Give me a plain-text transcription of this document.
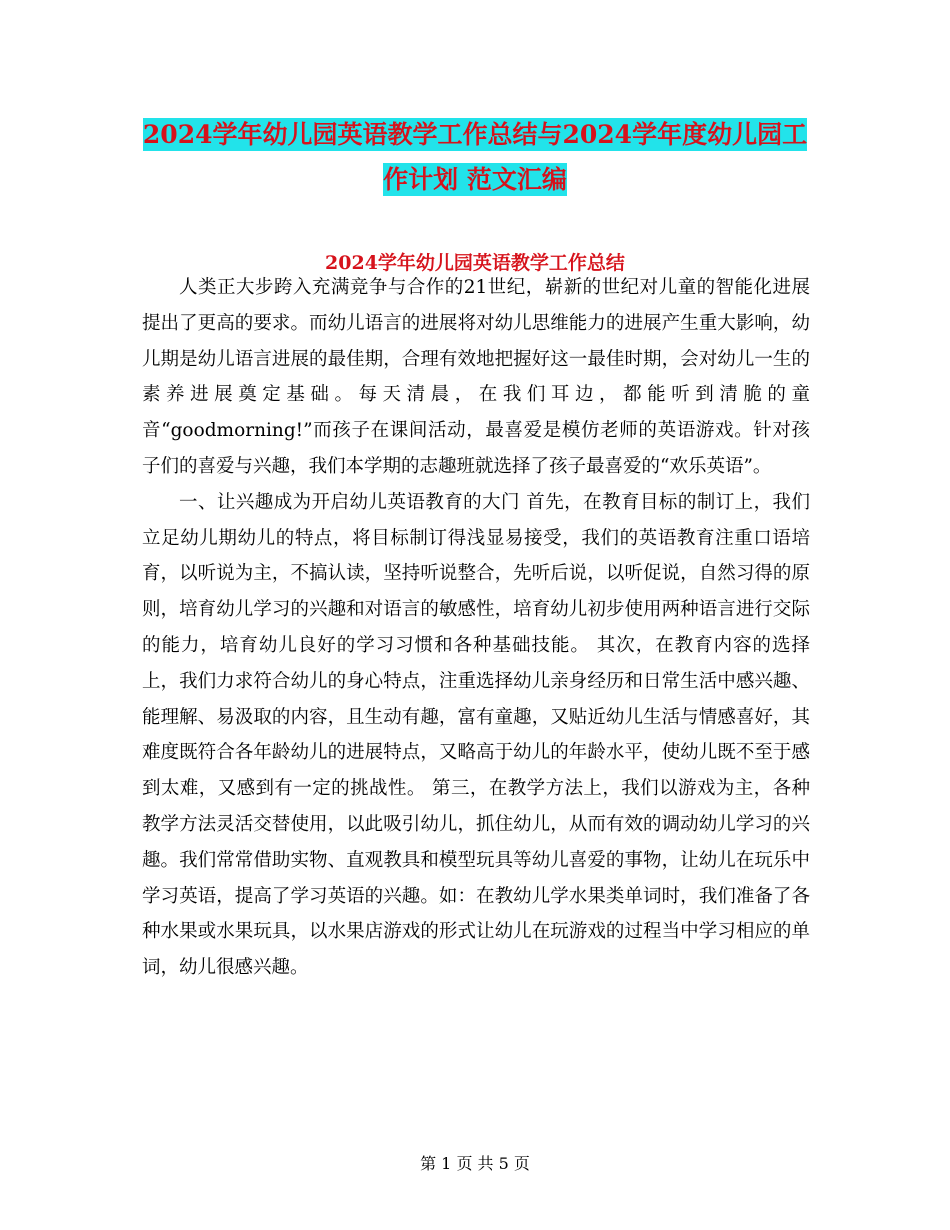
2024学年幼儿园英语教学工作总结与2024学年度幼儿园工作计划 范文汇编
2024学年幼儿园英语教学工作总结

人类正大步跨入充满竞争与合作的21世纪，崭新的世纪对儿童的智能化进展提出了更高的要求。而幼儿语言的进展将对幼儿思维能力的进展产生重大影响，幼儿期是幼儿语言进展的最佳期，合理有效地把握好这一最佳时期，会对幼儿一生的素养进展奠定基础。每天清晨，在我们耳边，都能听到清脆的童音“goodmorning!”而孩子在课间活动，最喜爱是模仿老师的英语游戏。针对孩子们的喜爱与兴趣，我们本学期的志趣班就选择了孩子最喜爱的“欢乐英语”。

一、让兴趣成为开启幼儿英语教育的大门 首先，在教育目标的制订上，我们立足幼儿期幼儿的特点，将目标制订得浅显易接受，我们的英语教育注重口语培育，以听说为主，不搞认读，坚持听说整合，先听后说，以听促说，自然习得的原则，培育幼儿学习的兴趣和对语言的敏感性，培育幼儿初步使用两种语言进行交际的能力，培育幼儿良好的学习习惯和各种基础技能。 其次，在教育内容的选择上，我们力求符合幼儿的身心特点，注重选择幼儿亲身经历和日常生活中感兴趣、能理解、易汲取的内容，且生动有趣，富有童趣，又贴近幼儿生活与情感喜好，其难度既符合各年龄幼儿的进展特点，又略高于幼儿的年龄水平，使幼儿既不至于感到太难，又感到有一定的挑战性。 第三，在教学方法上，我们以游戏为主，各种教学方法灵活交替使用，以此吸引幼儿，抓住幼儿，从而有效的调动幼儿学习的兴趣。我们常常借助实物、直观教具和模型玩具等幼儿喜爱的事物，让幼儿在玩乐中学习英语，提高了学习英语的兴趣。如：在教幼儿学水果类单词时，我们准备了各种水果或水果玩具，以水果店游戏的形式让幼儿在玩游戏的过程当中学习相应的单词，幼儿很感兴趣。

第 1 页 共 5 页
